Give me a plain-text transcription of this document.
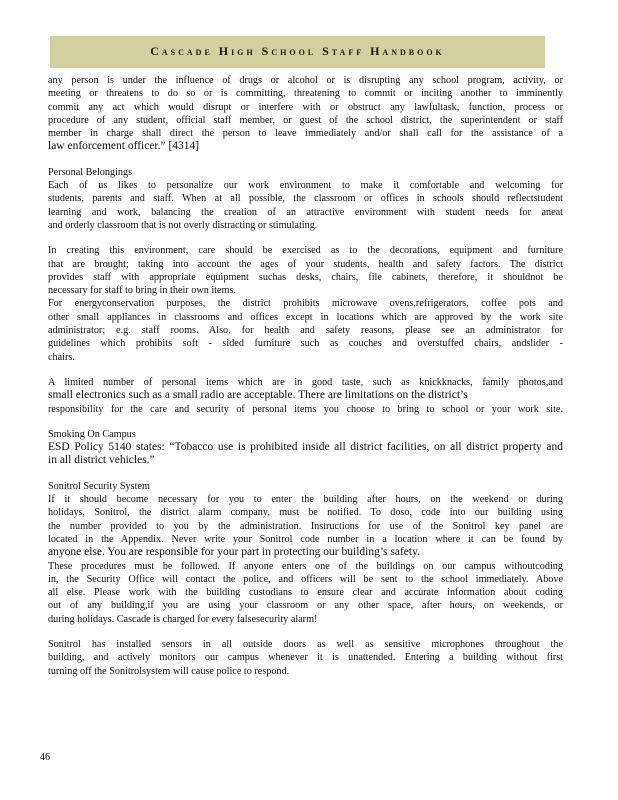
Cascade High School Staff Handbook
any person is under the influence of drugs or alcohol or is disrupting any school program, activity, or
meeting or threatens to do so or is committing, threatening to commit or inciting another to imminently
commit any act which would disrupt or interfere with or obstruct any lawfultask, function, process or
procedure of any student, official staff member, or guest of the school district, the superintendent or staff
member in charge shall direct the person to leave immediately and/or shall call for the assistance of a
law enforcement officer.” [4314]
Personal Belongings
Each of us likes to personalize our work environment to make it comfortable and welcoming for
students, parents and staff. When at all possible, the classroom or offices in schools should reflectstudent
learning and work, balancing the creation of an attractive environment with student needs for aneat
and orderly classroom that is not overly distracting or stimulating.
In creating this environment, care should be exercised as to the decorations, equipment and furniture
that are brought; taking into account the ages of your students, health and safety factors. The district
provides staff with appropriate equipment suchas desks, chairs, file cabinets, therefore, it shouldnot be
necessary for staff to bring in their own items.
For energyconservation purposes, the district prohibits microwave ovens,refrigerators, coffee pots and
other small appliances in classrooms and offices except in locations which are approved by the work site
administrator; e.g. staff rooms. Also, for health and safety reasons, please see an administrator for
guidelines which prohibits soft - sided furniture such as couches and overstuffed chairs, andslider -
chairs.
A limited number of personal items which are in good taste, such as knickknacks, family photos,and
small electronics such as a small radio are acceptable. There are limitations on the district’s
responsibility for the care and security of personal items you choose to bring to school or your work site.
Smoking On Campus
ESD Policy 5140 states: “Tobacco use is prohibited inside all district facilities, on all district property and
in all district vehicles.”
Sonitrol Security System
If it should become necessary for you to enter the building after hours, on the weekend or during
holidays, Sonitrol, the district alarm company, must be notified. To doso, code into our building using
the number provided to you by the administration. Instructions for use of the Sonitrol key panel are
located in the Appendix. Never write your Sonitrol code number in a location where it can be found by
anyone else. You are responsible for your part in protecting our building’s safety.
These procedures must be followed. If anyone enters one of the buildings on our campus withoutcoding
in, the Security Office will contact the police, and officers will be sent to the school immediately. Above
all else. Please work with the building custodians to ensure clear and accurate information about coding
out of any building,if you are using your classroom or any other space, after hours, on weekends, or
during holidays. Cascade is charged for every falsesecurity alarm!
Sonitrol has installed sensors in all outside doors as well as sensitive microphones throughout the
building, and actively monitors our campus whenever it is unattended. Entering a building without first
turning off the Sonitrolsystem will cause police to respond.
46
